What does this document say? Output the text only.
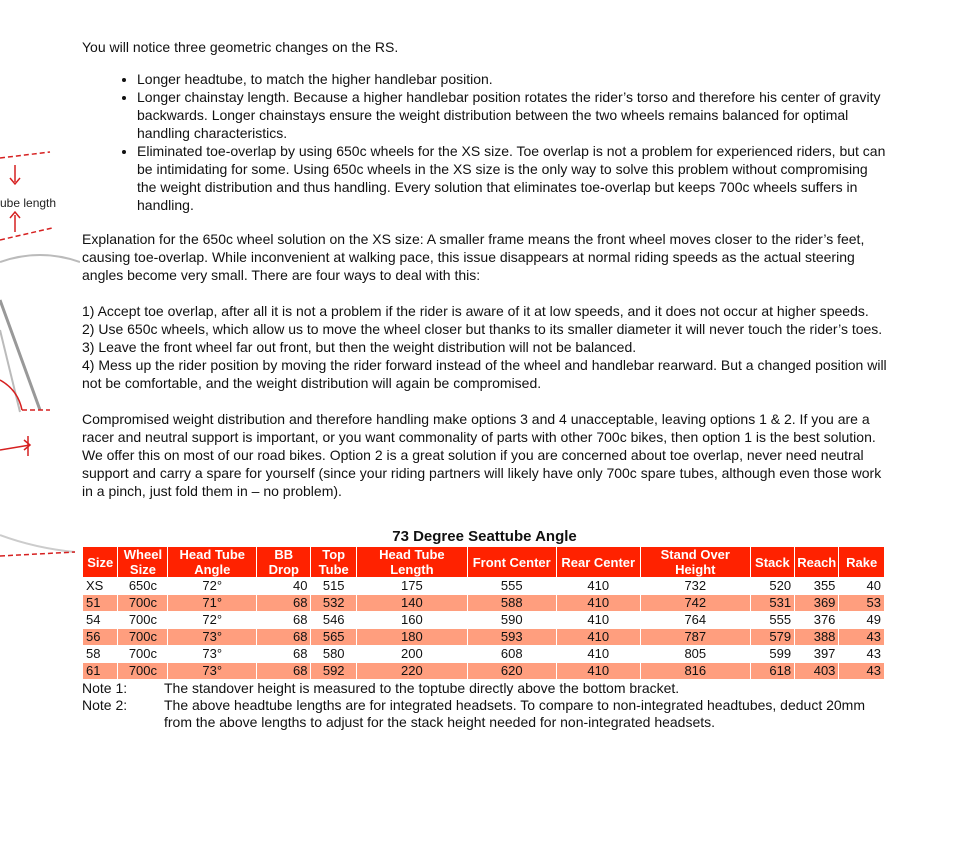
ube length

You will notice three geometric changes on the RS.

• Longer headtube, to match the higher handlebar position.
• Longer chainstay length. Because a higher handlebar position rotates the rider’s torso and therefore his center of gravity backwards. Longer chainstays ensure the weight distribution between the two wheels remains balanced for optimal handling characteristics.
• Eliminated toe-overlap by using 650c wheels for the XS size. Toe overlap is not a problem for experienced riders, but can be intimidating for some. Using 650c wheels in the XS size is the only way to solve this problem without compromising the weight distribution and thus handling. Every solution that eliminates toe-overlap but keeps 700c wheels suffers in handling.

Explanation for the 650c wheel solution on the XS size: A smaller frame means the front wheel moves closer to the rider’s feet, causing toe-overlap. While inconvenient at walking pace, this issue disappears at normal riding speeds as the actual steering angles become very small. There are four ways to deal with this:

1) Accept toe overlap, after all it is not a problem if the rider is aware of it at low speeds, and it does not occur at higher speeds.

2) Use 650c wheels, which allow us to move the wheel closer but thanks to its smaller diameter it will never touch the rider’s toes.

3) Leave the front wheel far out front, but then the weight distribution will not be balanced.

4) Mess up the rider position by moving the rider forward instead of the wheel and handlebar rearward. But a changed position will not be comfortable, and the weight distribution will again be compromised.

Compromised weight distribution and therefore handling make options 3 and 4 unacceptable, leaving options 1 & 2. If you are a racer and neutral support is important, or you want commonality of parts with other 700c bikes, then option 1 is the best solution. We offer this on most of our road bikes. Option 2 is a great solution if you are concerned about toe overlap, never need neutral support and carry a spare for yourself (since your riding partners will likely have only 700c spare tubes, although even those work in a pinch, just fold them in – no problem).

73 Degree Seattube Angle
Size	Wheel Size	Head Tube Angle	BB Drop	Top Tube	Head Tube Length	Front Center	Rear Center	Stand Over Height	Stack	Reach	Rake
XS	650c	72°	40	515	175	555	410	732	520	355	40
51	700c	71°	68	532	140	588	410	742	531	369	53
54	700c	72°	68	546	160	590	410	764	555	376	49
56	700c	73°	68	565	180	593	410	787	579	388	43
58	700c	73°	68	580	200	608	410	805	599	397	43
61	700c	73°	68	592	220	620	410	816	618	403	43
Note 1:	The standover height is measured to the toptube directly above the bottom bracket.
Note 2:	The above headtube lengths are for integrated headsets. To compare to non-integrated headtubes, deduct 20mm from the above lengths to adjust for the stack height needed for non-integrated headsets.
